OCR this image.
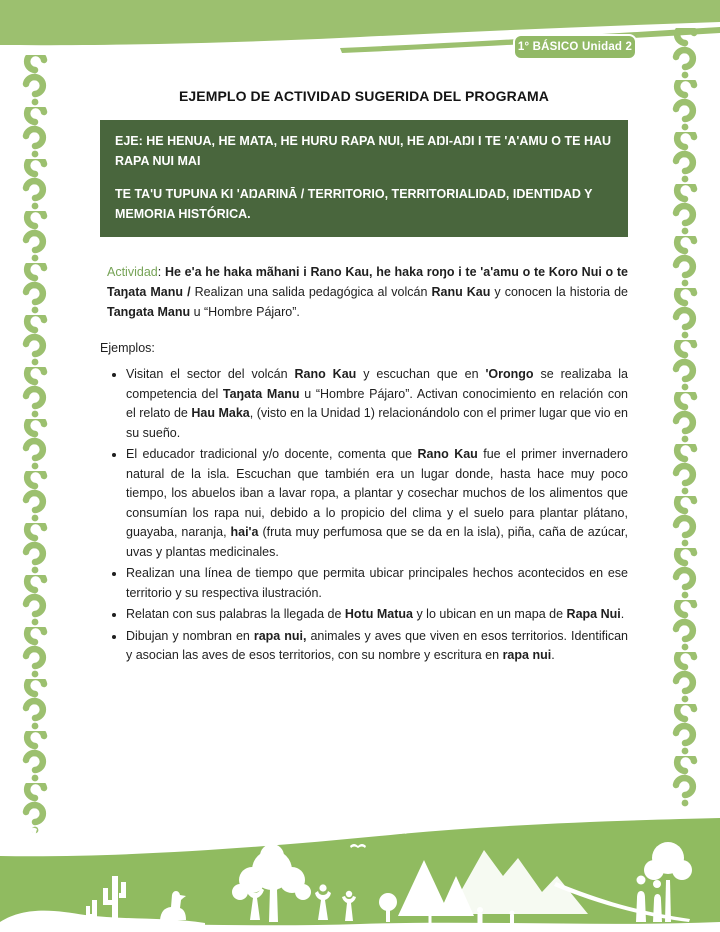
1° BÁSICO Unidad 2
EJEMPLO DE ACTIVIDAD SUGERIDA DEL PROGRAMA

EJE: HE HENUA, HE MATA, HE HURU RAPA NUI, HE AŊI-AŊI I TE 'A'AMU O TE HAU RAPA NUI MAI

TE TA'U TUPUNA KI 'AŊARINĀ / TERRITORIO, TERRITORIALIDAD, IDENTIDAD Y MEMORIA HISTÓRICA.

Actividad: He e'a he haka mãhani i Rano Kau, he haka roŋo i te 'a'amu o te Koro Nui o te Taŋata Manu / Realizan una salida pedagógica al volcán Ranu Kau y conocen la historia de Tangata Manu u “Hombre Pájaro”.

Ejemplos:

• Visitan el sector del volcán Rano Kau y escuchan que en 'Orongo se realizaba la competencia del Taŋata Manu u “Hombre Pájaro”. Activan conocimiento en relación con el relato de Hau Maka, (visto en la Unidad 1) relacionándolo con el primer lugar que vio en su sueño.
• El educador tradicional y/o docente, comenta que Rano Kau fue el primer invernadero natural de la isla. Escuchan que también era un lugar donde, hasta hace muy poco tiempo, los abuelos iban a lavar ropa, a plantar y cosechar muchos de los alimentos que consumían los rapa nui, debido a lo propicio del clima y el suelo para plantar plátano, guayaba, naranja, hai'a (fruta muy perfumosa que se da en la isla), piña, caña de azúcar, uvas y plantas medicinales.
• Realizan una línea de tiempo que permita ubicar principales hechos acontecidos en ese territorio y su respectiva ilustración.
• Relatan con sus palabras la llegada de Hotu Matua y lo ubican en un mapa de Rapa Nui.
• Dibujan y nombran en rapa nui, animales y aves que viven en esos territorios. Identifican y asocian las aves de esos territorios, con su nombre y escritura en rapa nui.
